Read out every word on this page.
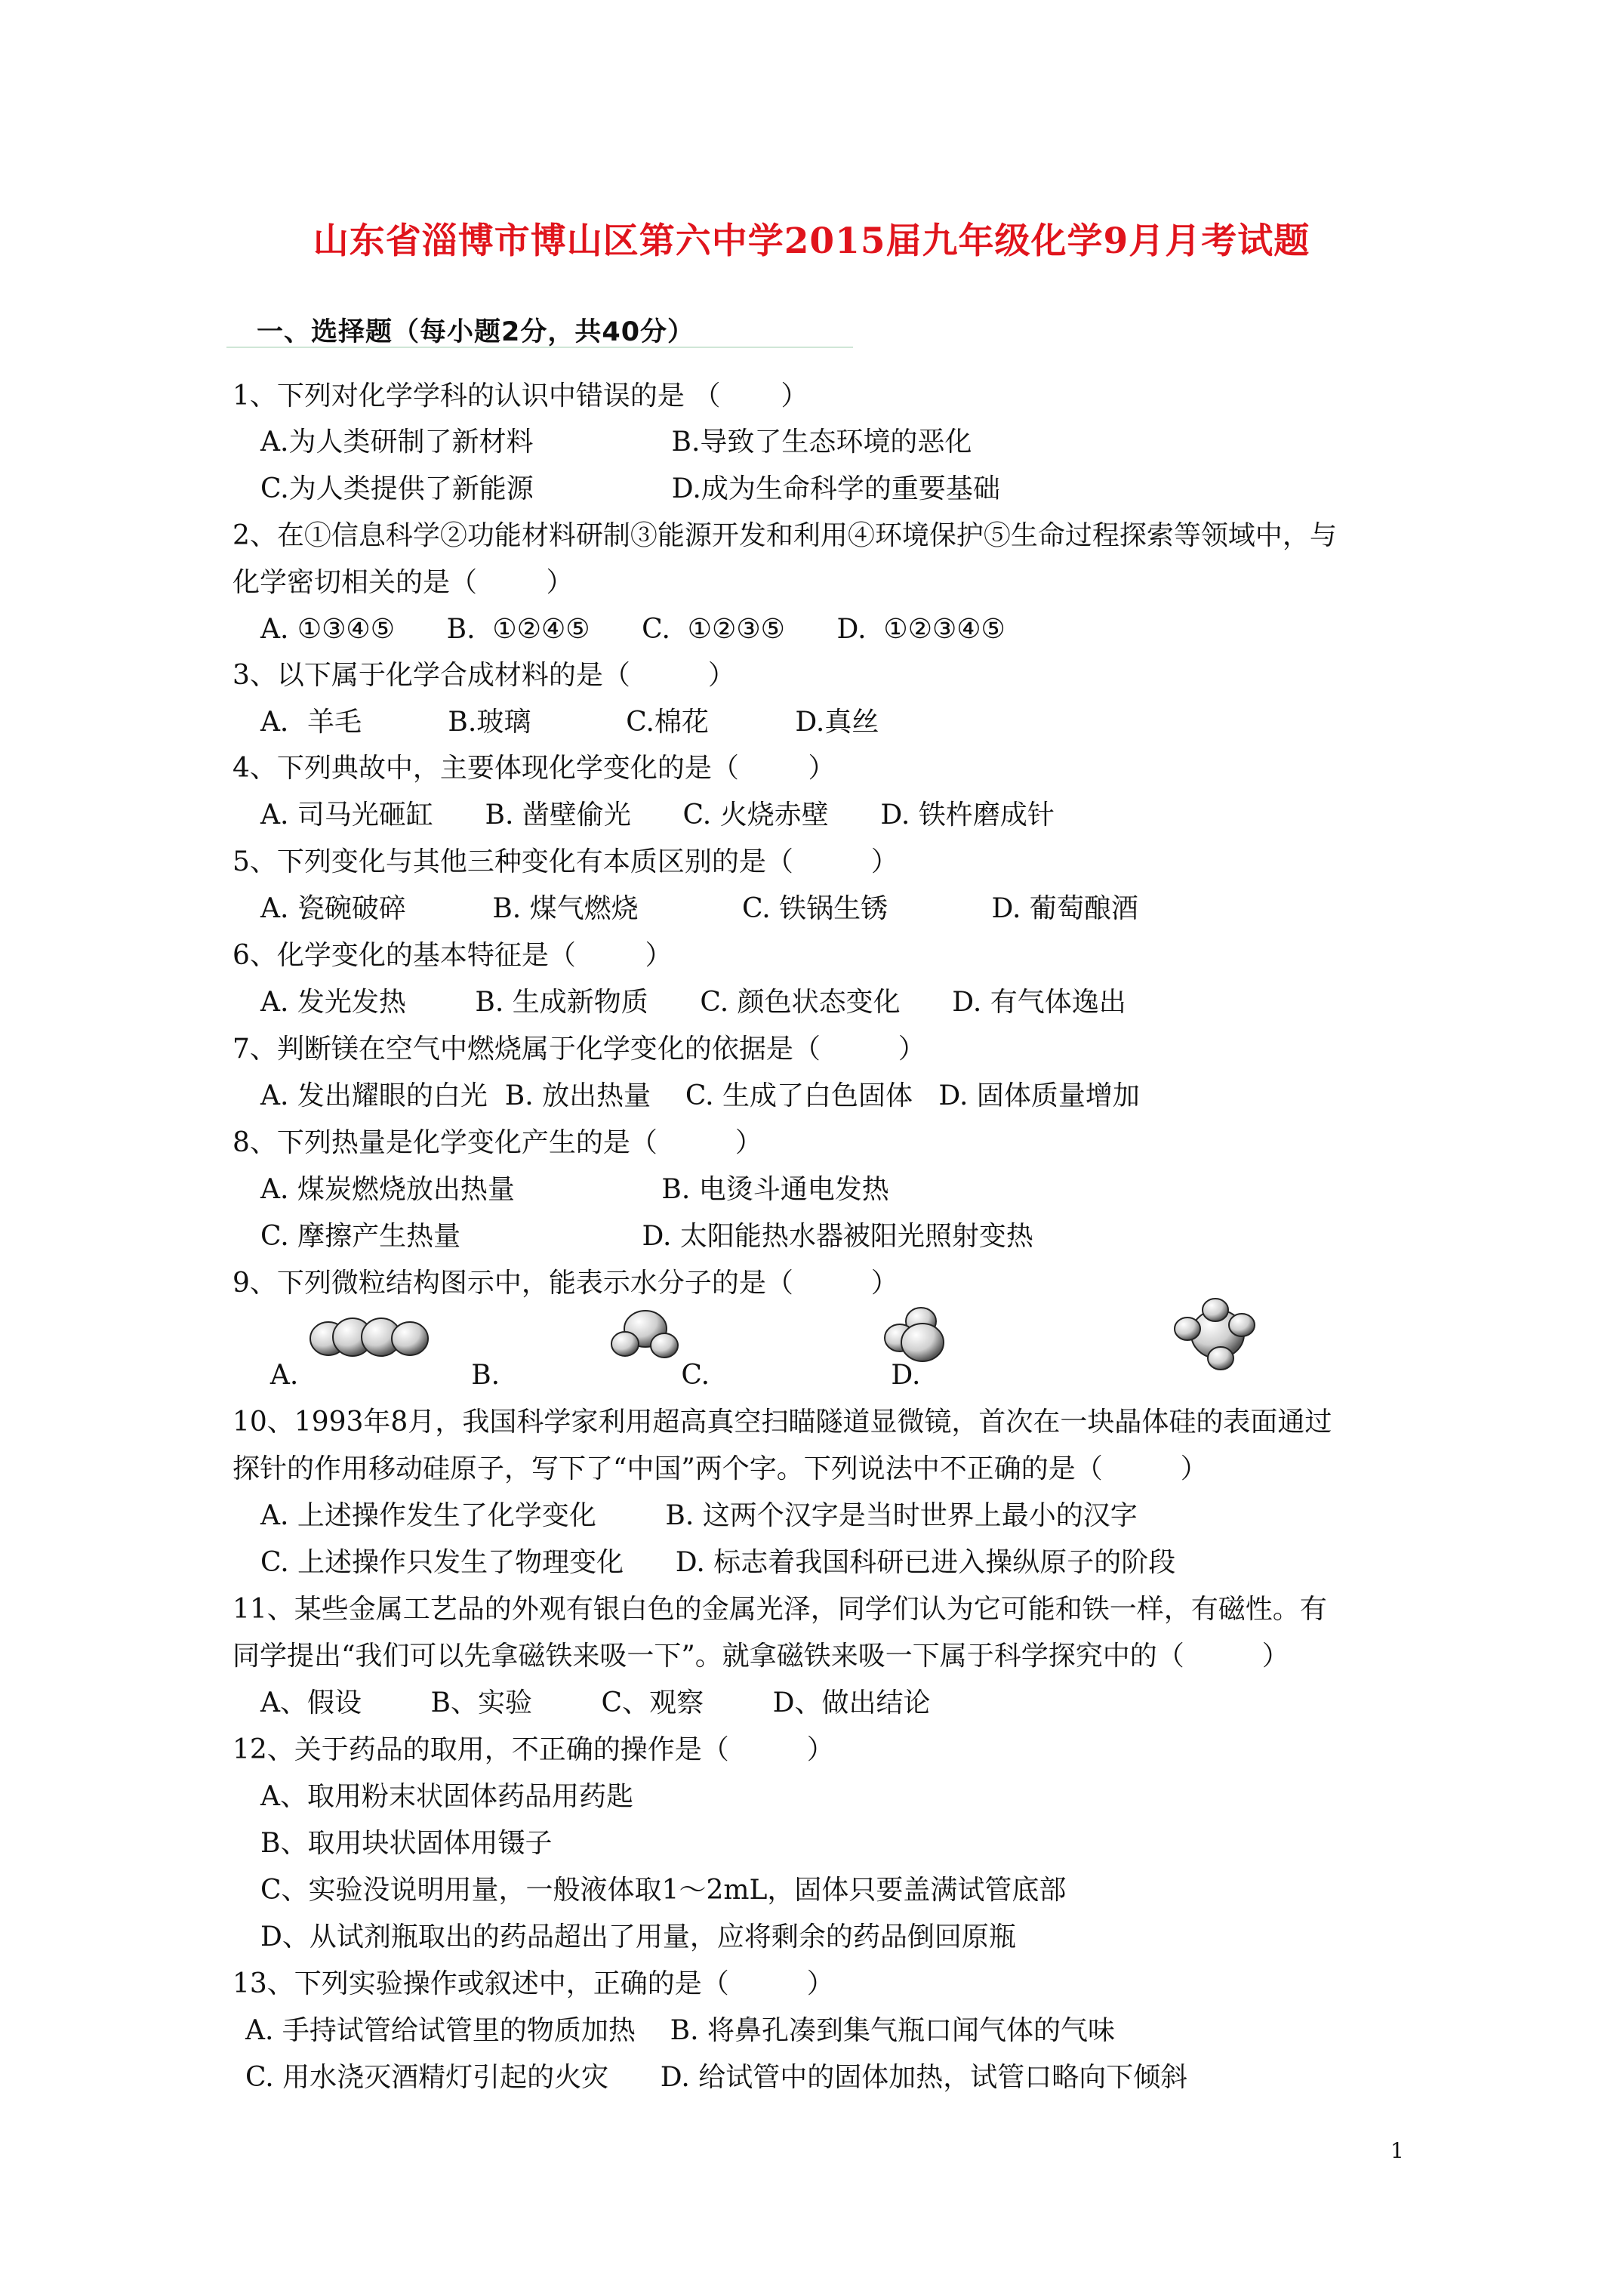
山东省淄博市博山区第六中学2015届九年级化学9月月考试题
一、选择题（每小题2分，共40分）
1、下列对化学学科的认识中错误的是 （       ）
A.为人类研制了新材料                B.导致了生态环境的恶化
C.为人类提供了新能源                D.成为生命科学的重要基础
2、在①信息科学②功能材料研制③能源开发和利用④环境保护⑤生命过程探索等领域中，与
化学密切相关的是（        ）
A. ①③④⑤      B.  ①②④⑤      C.  ①②③⑤      D.  ①②③④⑤
3、以下属于化学合成材料的是（         ）
A．羊毛          B.玻璃           C.棉花          D.真丝
4、下列典故中，主要体现化学变化的是（        ）
A. 司马光砸缸      B. 凿壁偷光      C. 火烧赤壁      D. 铁杵磨成针
5、下列变化与其他三种变化有本质区别的是（         ）
A. 瓷碗破碎          B. 煤气燃烧            C. 铁锅生锈            D. 葡萄酿酒
6、化学变化的基本特征是（        ）
A. 发光发热        B. 生成新物质      C. 颜色状态变化      D. 有气体逸出
7、判断镁在空气中燃烧属于化学变化的依据是（         ）
A. 发出耀眼的白光  B. 放出热量    C. 生成了白色固体   D. 固体质量增加
8、下列热量是化学变化产生的是（         ）
A. 煤炭燃烧放出热量                 B. 电烫斗通电发热
C. 摩擦产生热量                     D. 太阳能热水器被阳光照射变热
9、下列微粒结构图示中，能表示水分子的是（         ）
A.                    B.                     C.                     D.
10、1993年8月，我国科学家利用超高真空扫瞄隧道显微镜，首次在一块晶体硅的表面通过
探针的作用移动硅原子，写下了“中国”两个字。下列说法中不正确的是（         ）
A. 上述操作发生了化学变化        B. 这两个汉字是当时世界上最小的汉字
C. 上述操作只发生了物理变化      D. 标志着我国科研已进入操纵原子的阶段
11、某些金属工艺品的外观有银白色的金属光泽，同学们认为它可能和铁一样，有磁性。有
同学提出“我们可以先拿磁铁来吸一下”。就拿磁铁来吸一下属于科学探究中的（         ）
A、假设        B、实验        C、观察        D、做出结论
12、关于药品的取用，不正确的操作是（         ）
A、取用粉末状固体药品用药匙
B、取用块状固体用镊子
C、实验没说明用量，一般液体取1～2mL，固体只要盖满试管底部
D、从试剂瓶取出的药品超出了用量，应将剩余的药品倒回原瓶
13、下列实验操作或叙述中，正确的是（         ）
A. 手持试管给试管里的物质加热    B. 将鼻孔凑到集气瓶口闻气体的气味
C. 用水浇灭酒精灯引起的火灾      D. 给试管中的固体加热，试管口略向下倾斜
1
